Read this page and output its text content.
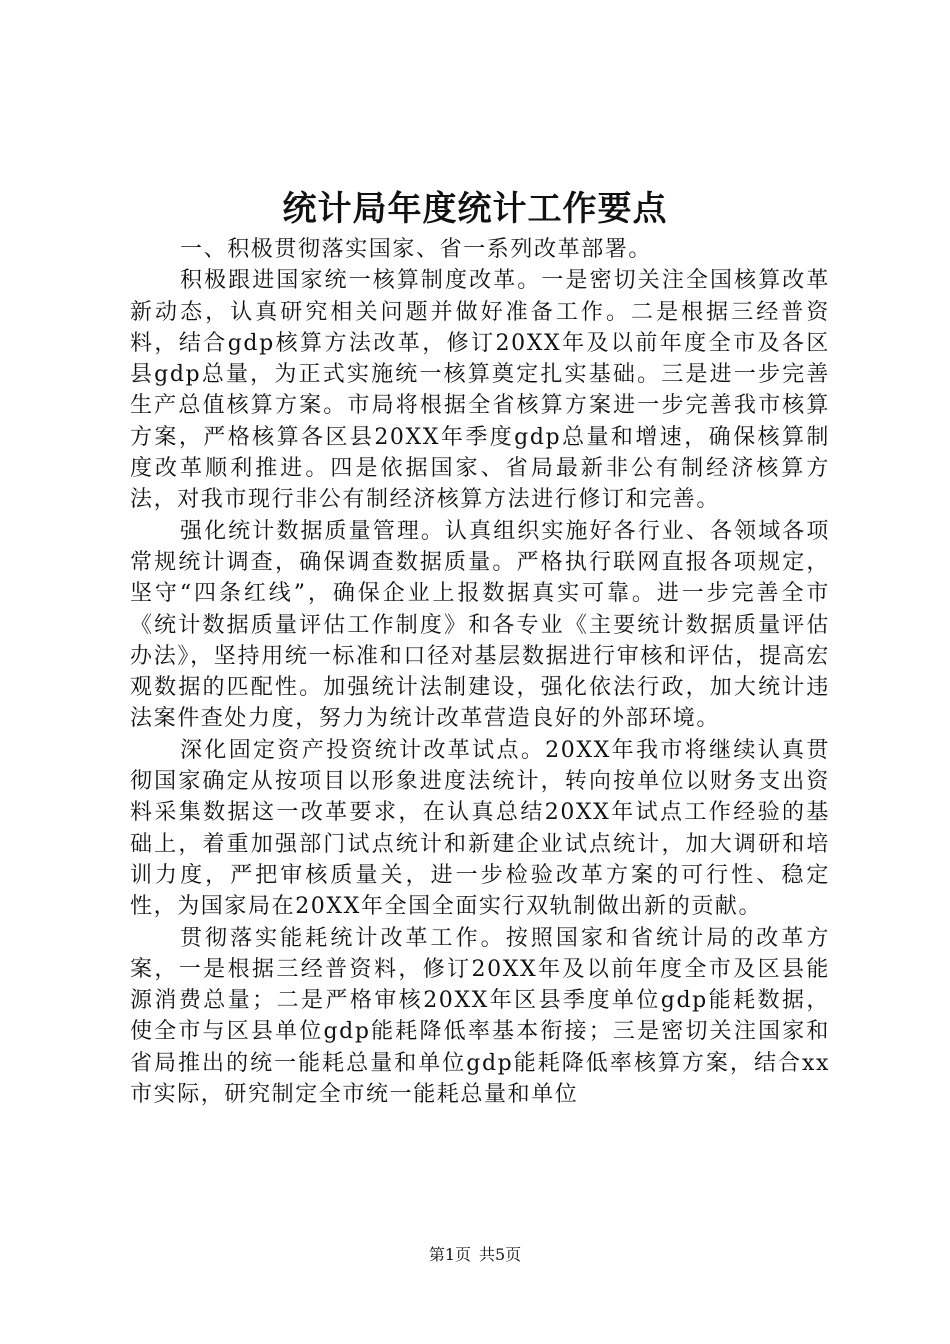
统计局年度统计工作要点

一、积极贯彻落实国家、省一系列改革部署。

积极跟进国家统一核算制度改革。一是密切关注全国核算改革新动态，认真研究相关问题并做好准备工作。二是根据三经普资料，结合gdp核算方法改革，修订20XX年及以前年度全市及各区县gdp总量，为正式实施统一核算奠定扎实基础。三是进一步完善生产总值核算方案。市局将根据全省核算方案进一步完善我市核算方案，严格核算各区县20XX年季度gdp总量和增速，确保核算制度改革顺利推进。四是依据国家、省局最新非公有制经济核算方法，对我市现行非公有制经济核算方法进行修订和完善。

强化统计数据质量管理。认真组织实施好各行业、各领域各项常规统计调查，确保调查数据质量。严格执行联网直报各项规定，坚守“四条红线”，确保企业上报数据真实可靠。进一步完善全市《统计数据质量评估工作制度》和各专业《主要统计数据质量评估办法》，坚持用统一标准和口径对基层数据进行审核和评估，提高宏观数据的匹配性。加强统计法制建设，强化依法行政，加大统计违法案件查处力度，努力为统计改革营造良好的外部环境。

深化固定资产投资统计改革试点。20XX年我市将继续认真贯彻国家确定从按项目以形象进度法统计，转向按单位以财务支出资料采集数据这一改革要求，在认真总结20XX年试点工作经验的基础上，着重加强部门试点统计和新建企业试点统计，加大调研和培训力度，严把审核质量关，进一步检验改革方案的可行性、稳定性，为国家局在20XX年全国全面实行双轨制做出新的贡献。

贯彻落实能耗统计改革工作。按照国家和省统计局的改革方案，一是根据三经普资料，修订20XX年及以前年度全市及区县能源消费总量；二是严格审核20XX年区县季度单位gdp能耗数据，使全市与区县单位gdp能耗降低率基本衔接；三是密切关注国家和省局推出的统一能耗总量和单位gdp能耗降低率核算方案，结合xx市实际，研究制定全市统一能耗总量和单位

第1页 共5页
